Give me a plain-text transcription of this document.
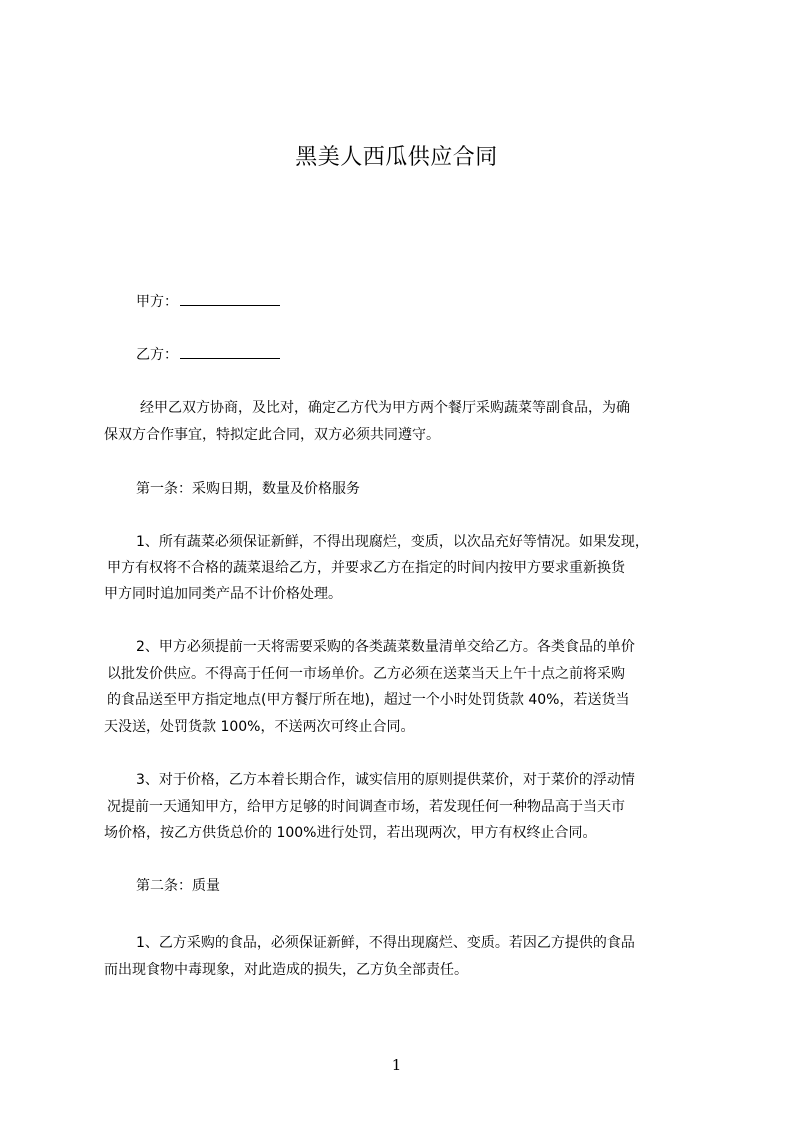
黑美人西瓜供应合同
甲方：
乙方：
经甲乙双方协商，及比对，确定乙方代为甲方两个餐厅采购蔬菜等副食品，为确
保双方合作事宜，特拟定此合同，双方必须共同遵守。
第一条：采购日期，数量及价格服务
1、所有蔬菜必须保证新鲜，不得出现腐烂，变质，以次品充好等情况。如果发现，
甲方有权将不合格的蔬菜退给乙方，并要求乙方在指定的时间内按甲方要求重新换货
甲方同时追加同类产品不计价格处理。
2、甲方必须提前一天将需要采购的各类蔬菜数量清单交给乙方。各类食品的单价
以批发价供应。不得高于任何一市场单价。乙方必须在送菜当天上午十点之前将采购
的食品送至甲方指定地点(甲方餐厅所在地)，超过一个小时处罚货款 40%，若送货当
天没送，处罚货款 100%，不送两次可终止合同。
3、对于价格，乙方本着长期合作，诚实信用的原则提供菜价，对于菜价的浮动情
况提前一天通知甲方，给甲方足够的时间调查市场，若发现任何一种物品高于当天市
场价格，按乙方供货总价的 100%进行处罚，若出现两次，甲方有权终止合同。
第二条：质量
1、乙方采购的食品，必须保证新鲜，不得出现腐烂、变质。若因乙方提供的食品
而出现食物中毒现象，对此造成的损失，乙方负全部责任。
1
